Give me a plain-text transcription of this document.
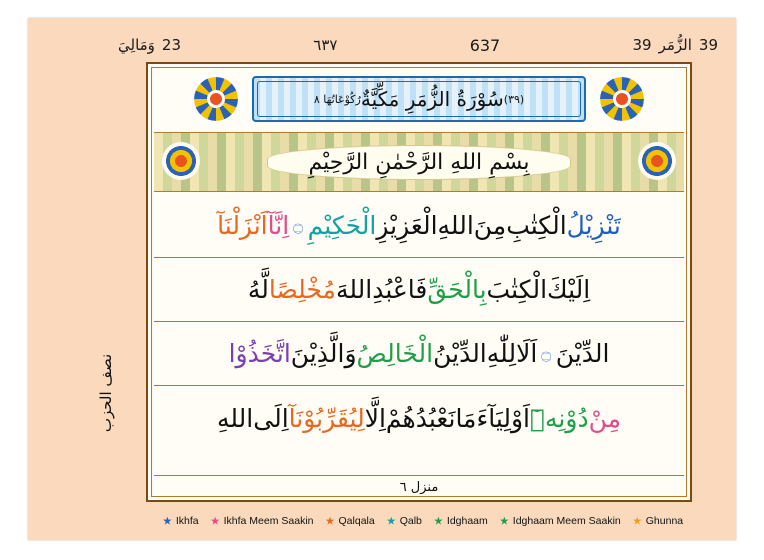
23
وَمَالِيَ	٦٣٧	637	39
الزُّمَر
39
رُكُوْعَاتُهَا ٨ سُوْرَةُ الزُّمَرِ مَكِّيَّةٌ (٣٩)
بِسْمِ اللهِ الرَّحْمٰنِ الرَّحِيْمِ
تَنْزِيْلُ
الْكِتٰبِ
مِنَ
اللهِ
الْعَزِيْزِ
الْحَكِيْمِ
۝
اِنَّآ
اَنْزَلْنَآ
اِلَيْكَ
الْكِتٰبَ
بِالْحَقِّ
فَاعْبُدِ
اللهَ
مُخْلِصًا
لَّهُ
الدِّيْنَ
۝
اَلَا
لِلّٰهِ
الدِّيْنُ
الْخَالِصُ
وَالَّذِيْنَ
اتَّخَذُوْا
مِنْ
دُوْنِهٖٓ
اَوْلِيَآءَ
مَا
نَعْبُدُهُمْ
اِلَّا
لِيُقَرِّبُوْنَآ
اِلَى
اللهِ
منزل ٦
نصف الحزب
Ikhfa Ikhfa Meem Saakin Qalqala Qalb Idghaam Idghaam Meem Saakin Ghunna
